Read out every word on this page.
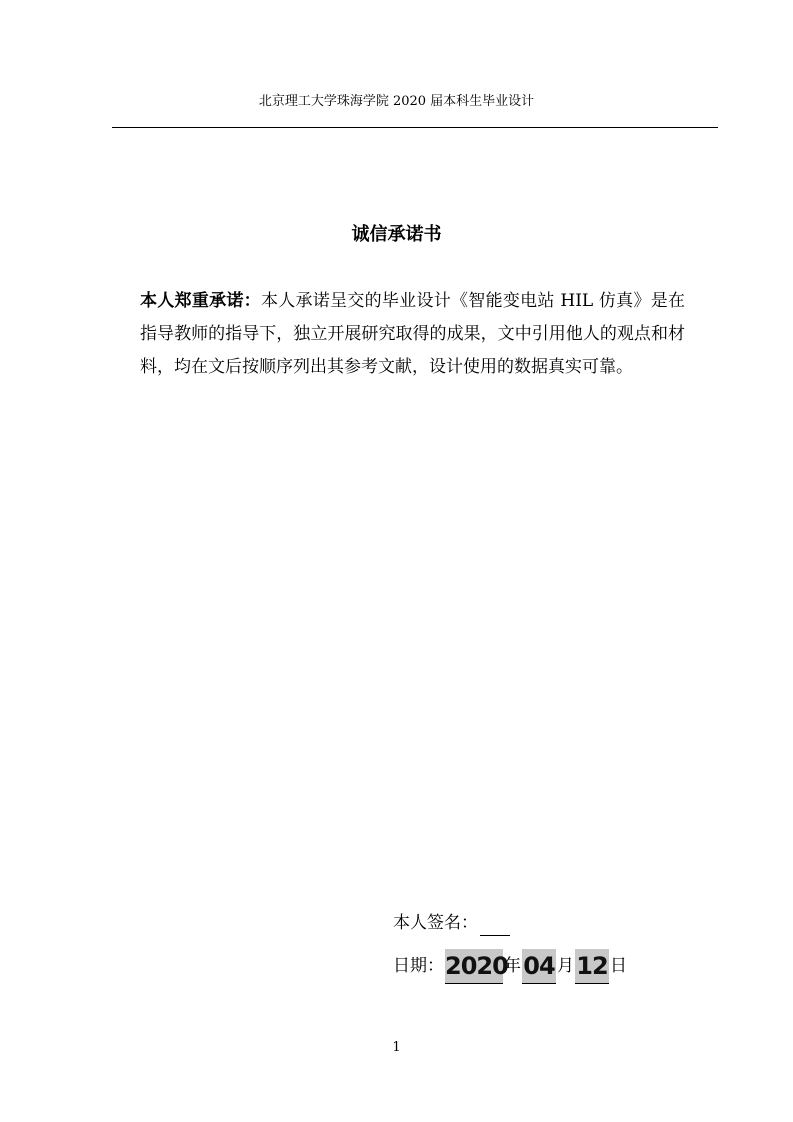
北京理工大学珠海学院 2020 届本科生毕业设计
诚信承诺书
本人郑重承诺：本人承诺呈交的毕业设计《智能变电站 HIL 仿真》是在指导教师的指导下，独立开展研究取得的成果，文中引用他人的观点和材料，均在文后按顺序列出其参考文献，设计使用的数据真实可靠。
本人签名：
日期： 2020
年 04 月 12 日
1
